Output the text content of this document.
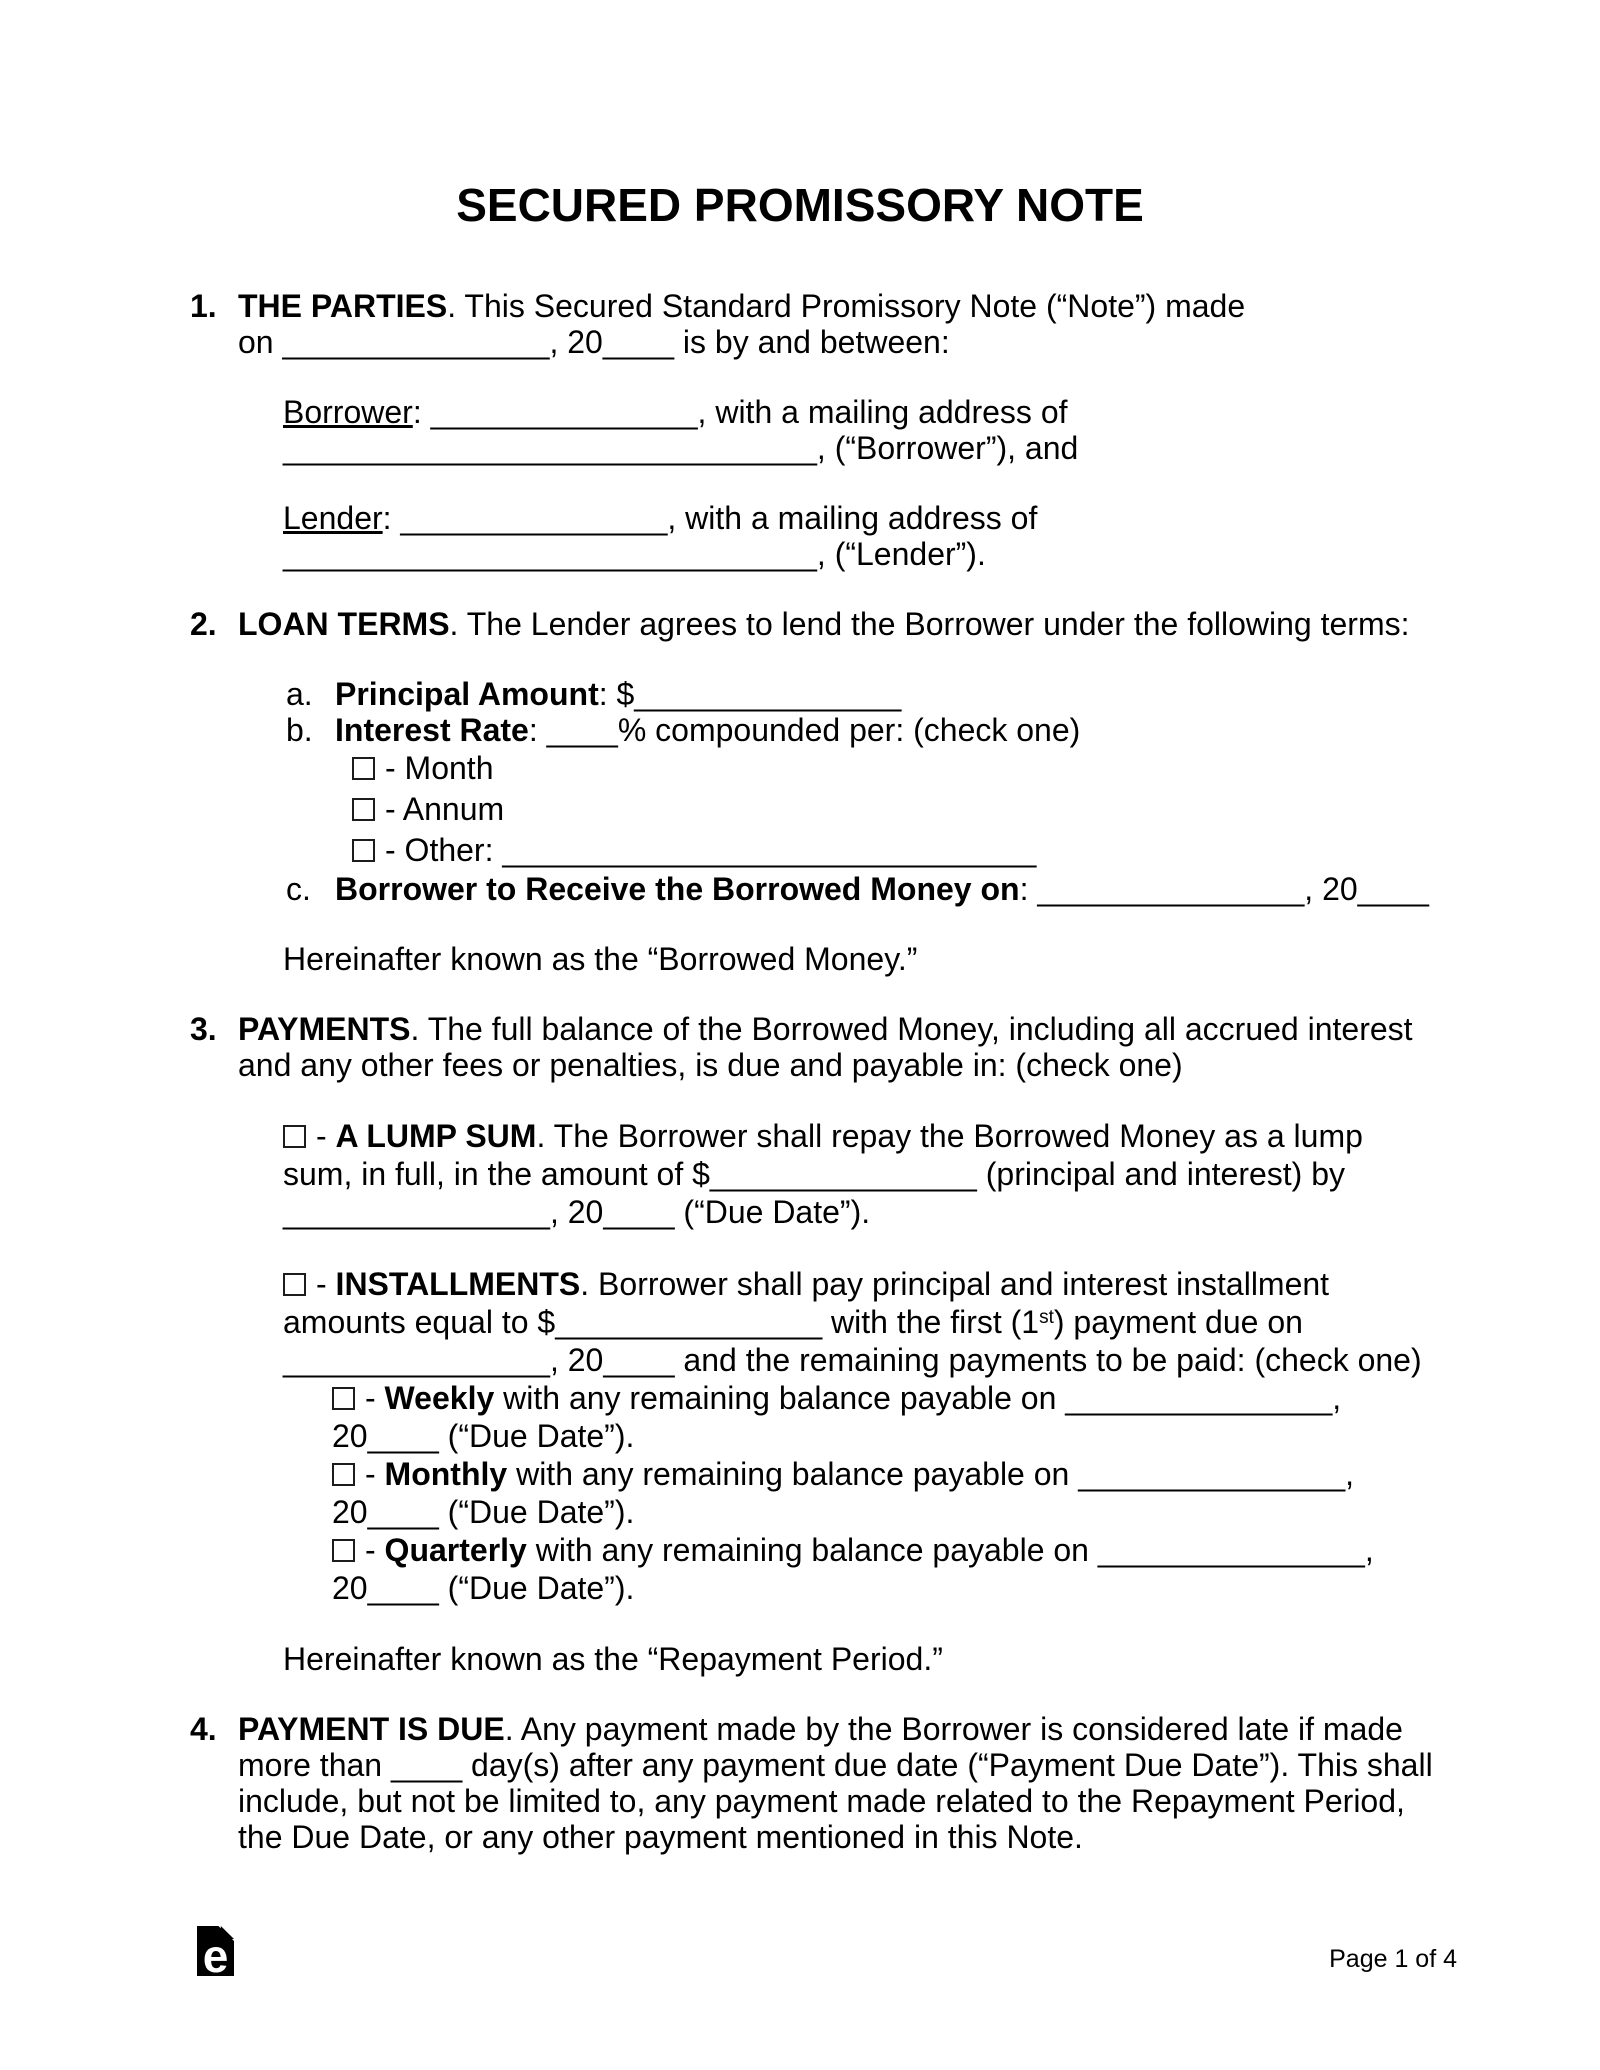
SECURED PROMISSORY NOTE
1. THE PARTIES. This Secured Standard Promissory Note (“Note”) made
on _______________, 20____ is by and between:
Borrower: _______________, with a mailing address of
______________________________, (“Borrower”), and
Lender: _______________, with a mailing address of
______________________________, (“Lender”).
2. LOAN TERMS. The Lender agrees to lend the Borrower under the following terms:
a. Principal Amount: $_______________
b. Interest Rate: ____% compounded per: (check one)
- Month
- Annum
- Other: ______________________________
c. Borrower to Receive the Borrowed Money on: _______________, 20____
Hereinafter known as the “Borrowed Money.”
3. PAYMENTS. The full balance of the Borrowed Money, including all accrued interest
and any other fees or penalties, is due and payable in: (check one)
- A LUMP SUM. The Borrower shall repay the Borrowed Money as a lump
sum, in full, in the amount of $_______________ (principal and interest) by
_______________, 20____ (“Due Date”).
- INSTALLMENTS. Borrower shall pay principal and interest installment
amounts equal to $_______________ with the first (1st) payment due on
_______________, 20____ and the remaining payments to be paid: (check one)
- Weekly with any remaining balance payable on _______________,
20____ (“Due Date”).
- Monthly with any remaining balance payable on _______________,
20____ (“Due Date”).
- Quarterly with any remaining balance payable on _______________,
20____ (“Due Date”).
Hereinafter known as the “Repayment Period.”
4. PAYMENT IS DUE. Any payment made by the Borrower is considered late if made
more than ____ day(s) after any payment due date (“Payment Due Date”). This shall
include, but not be limited to, any payment made related to the Repayment Period,
the Due Date, or any other payment mentioned in this Note.
e	Page 1 of 4
